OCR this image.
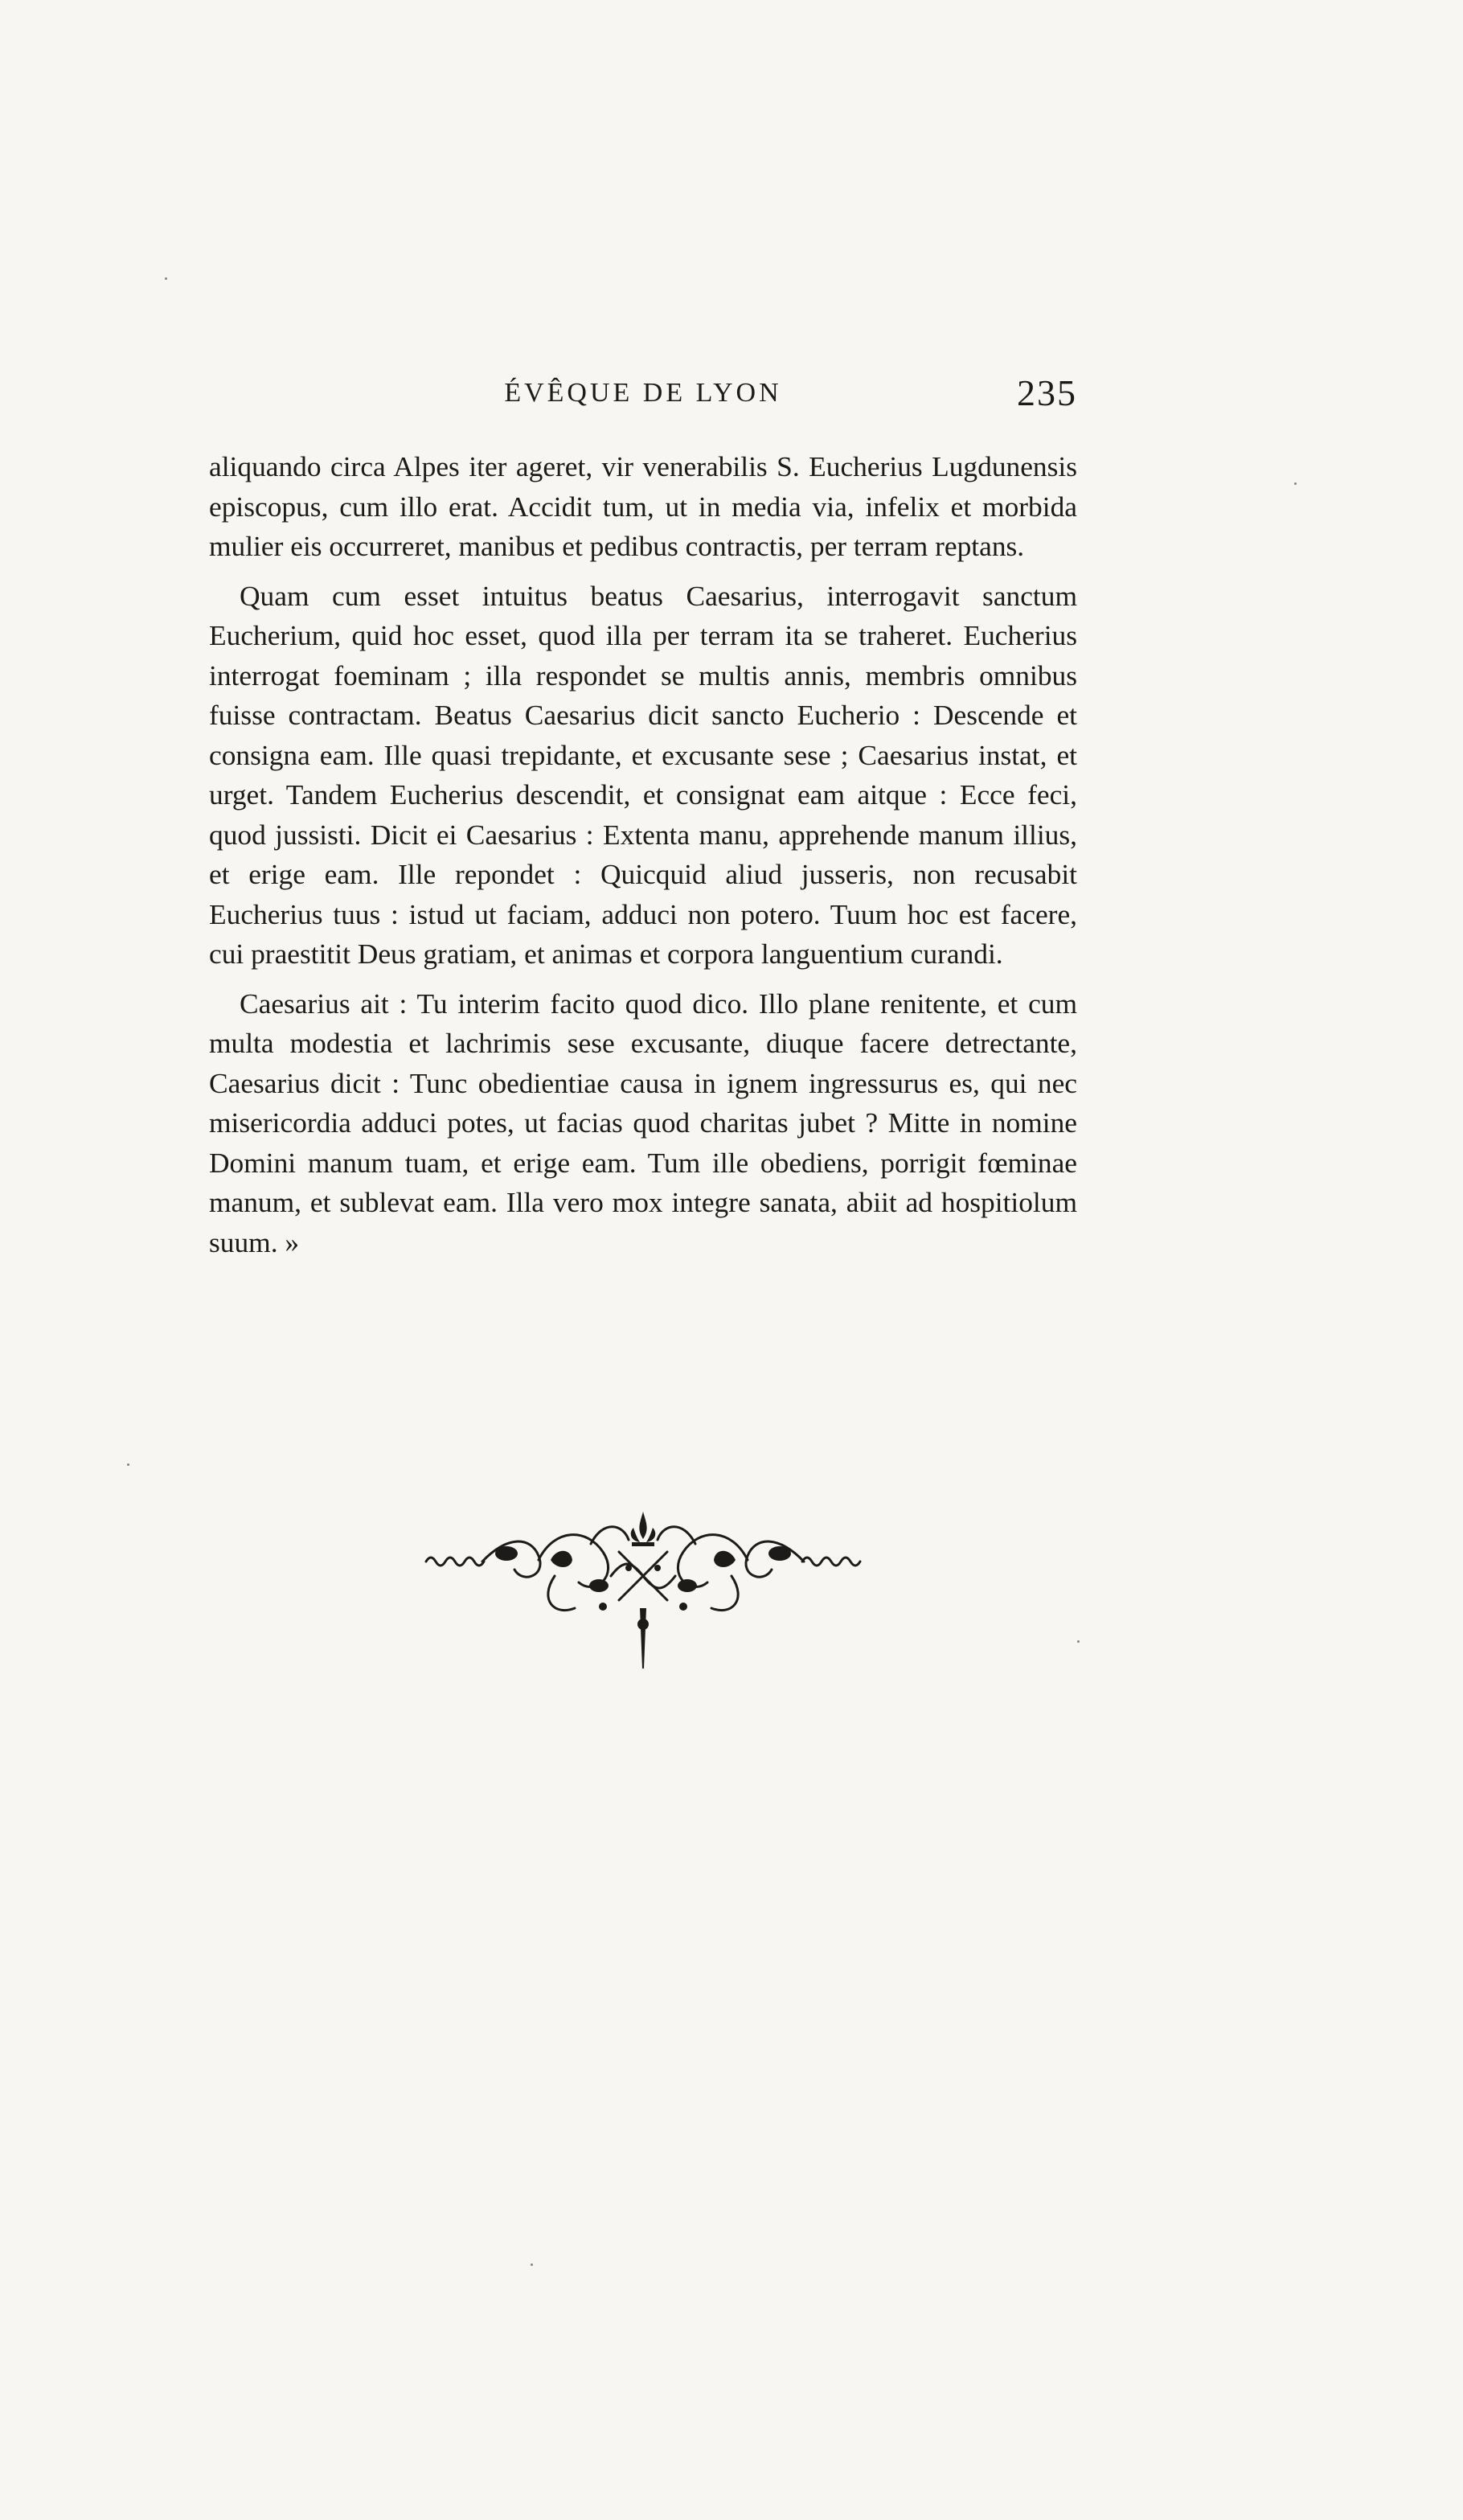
ÉVÊQUE DE LYON	235

aliquando circa Alpes iter ageret, vir venerabilis S. Eucherius Lugdunensis episcopus, cum illo erat. Accidit tum, ut in media via, infelix et morbida mulier eis occurreret, manibus et pedibus contractis, per terram reptans.

Quam cum esset intuitus beatus Caesarius, interrogavit sanctum Eucherium, quid hoc esset, quod illa per terram ita se traheret. Eucherius interrogat foeminam ; illa respondet se multis annis, membris omnibus fuisse contractam. Beatus Caesarius dicit sancto Eucherio : Descende et consigna eam. Ille quasi trepidante, et excusante sese ; Caesarius instat, et urget. Tandem Eucherius descendit, et consignat eam aitque : Ecce feci, quod jussisti. Dicit ei Caesarius : Extenta manu, apprehende manum illius, et erige eam. Ille repondet : Quicquid aliud jusseris, non recusabit Eucherius tuus : istud ut faciam, adduci non potero. Tuum hoc est facere, cui praestitit Deus gratiam, et animas et corpora languentium curandi.

Caesarius ait : Tu interim facito quod dico. Illo plane renitente, et cum multa modestia et lachrimis sese excusante, diuque facere detrectante, Caesarius dicit : Tunc obedientiae causa in ignem ingressurus es, qui nec misericordia adduci potes, ut facias quod charitas jubet ? Mitte in nomine Domini manum tuam, et erige eam. Tum ille obediens, porrigit fœminae manum, et sublevat eam. Illa vero mox integre sanata, abiit ad hospitiolum suum. »
